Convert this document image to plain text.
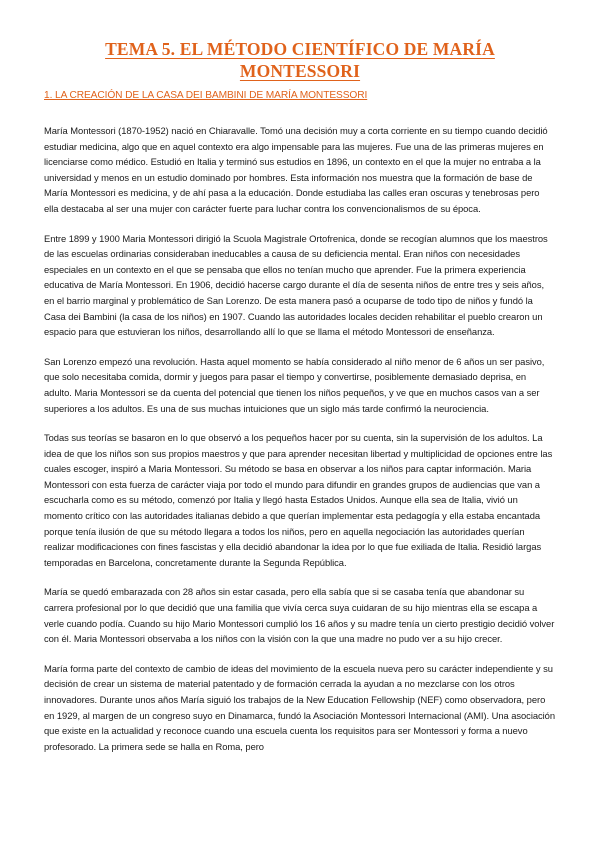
TEMA 5. EL MÉTODO CIENTÍFICO DE MARÍA MONTESSORI
1. LA CREACIÓN DE LA CASA DEI BAMBINI DE MARÍA MONTESSORI

María Montessori (1870-1952) nació en Chiaravalle. Tomó una decisión muy a corta corriente en su tiempo cuando decidió estudiar medicina, algo que en aquel contexto era algo impensable para las mujeres. Fue una de las primeras mujeres en licenciarse como médico. Estudió en Italia y terminó sus estudios en 1896, un contexto en el que la mujer no entraba a la universidad y menos en un estudio dominado por hombres. Esta información nos muestra que la formación de base de María Montessori es medicina, y de ahí pasa a la educación. Donde estudiaba las calles eran oscuras y tenebrosas pero ella destacaba al ser una mujer con carácter fuerte para luchar contra los convencionalismos de su época.

Entre 1899 y 1900 Maria Montessori dirigió la Scuola Magistrale Ortofrenica, donde se recogían alumnos que los maestros de las escuelas ordinarias consideraban ineducables a causa de su deficiencia mental. Eran niños con necesidades especiales en un contexto en el que se pensaba que ellos no tenían mucho que aprender. Fue la primera experiencia educativa de María Montessori. En 1906, decidió hacerse cargo durante el día de sesenta niños de entre tres y seis años, en el barrio marginal y problemático de San Lorenzo. De esta manera pasó a ocuparse de todo tipo de niños y fundó la Casa dei Bambini (la casa de los niños) en 1907. Cuando las autoridades locales deciden rehabilitar el pueblo crearon un espacio para que estuvieran los niños, desarrollando allí lo que se llama el método Montessori de enseñanza.

San Lorenzo empezó una revolución. Hasta aquel momento se había considerado al niño menor de 6 años un ser pasivo, que solo necesitaba comida, dormir y juegos para pasar el tiempo y convertirse, posiblemente demasiado deprisa, en adulto. Maria Montessori se da cuenta del potencial que tienen los niños pequeños, y ve que en muchos casos van a ser superiores a los adultos. Es una de sus muchas intuiciones que un siglo más tarde confirmó la neurociencia.

Todas sus teorías se basaron en lo que observó a los pequeños hacer por su cuenta, sin la supervisión de los adultos. La idea de que los niños son sus propios maestros y que para aprender necesitan libertad y multiplicidad de opciones entre las cuales escoger, inspiró a Maria Montessori. Su método se basa en observar a los niños para captar información. Maria Montessori con esta fuerza de carácter viaja por todo el mundo para difundir en grandes grupos de audiencias que van a escucharla como es su método, comenzó por Italia y llegó hasta Estados Unidos. Aunque ella sea de Italia, vivió un momento crítico con las autoridades italianas debido a que querían implementar esta pedagogía y ella estaba encantada porque tenía ilusión de que su método llegara a todos los niños, pero en aquella negociación las autoridades querían realizar modificaciones con fines fascistas y ella decidió abandonar la idea por lo que fue exiliada de Italia. Residió largas temporadas en Barcelona, concretamente durante la Segunda República.

María se quedó embarazada con 28 años sin estar casada, pero ella sabía que si se casaba tenía que abandonar su carrera profesional por lo que decidió que una familia que vivía cerca suya cuidaran de su hijo mientras ella se escapa a verle cuando podía. Cuando su hijo Mario Montessori cumplió los 16 años y su madre tenía un cierto prestigio decidió volver con él. Maria Montessori observaba a los niños con la visión con la que una madre no pudo ver a su hijo crecer.

María forma parte del contexto de cambio de ideas del movimiento de la escuela nueva pero su carácter independiente y su decisión de crear un sistema de material patentado y de formación cerrada la ayudan a no mezclarse con los otros innovadores. Durante unos años María siguió los trabajos de la New Education Fellowship (NEF) como observadora, pero en 1929, al margen de un congreso suyo en Dinamarca, fundó la Asociación Montessori Internacional (AMI). Una asociación que existe en la actualidad y reconoce cuando una escuela cuenta los requisitos para ser Montessori y forma a nuevo profesorado. La primera sede se halla en Roma, pero
